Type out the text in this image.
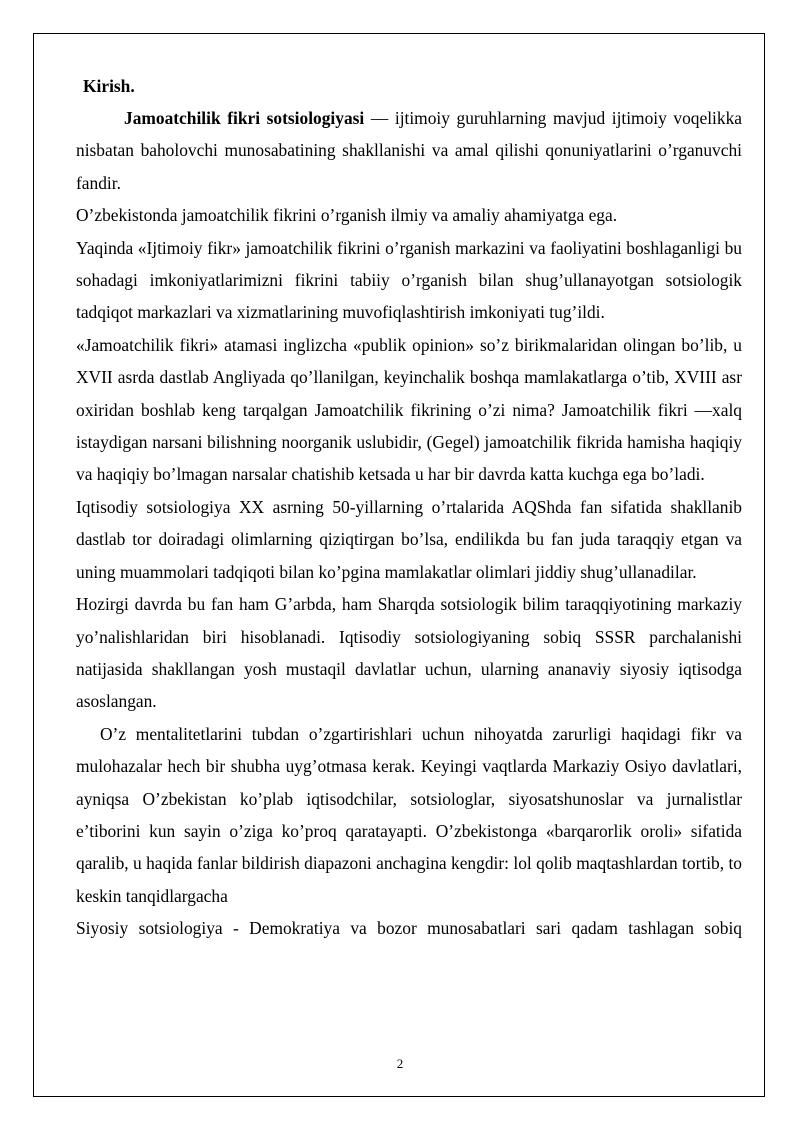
Kirish.

Jamoatchilik fikri sotsiologiyasi — ijtimoiy guruhlarning mavjud ijtimoiy voqelikka nisbatan baholovchi munosabatining shakllanishi va amal qilishi qonuniyatlarini o’rganuvchi fandir.

O’zbekistonda jamoatchilik fikrini o’rganish ilmiy va amaliy ahamiyatga ega.

Yaqinda «Ijtimoiy fikr» jamoatchilik fikrini o’rganish markazini va faoliyatini boshlaganligi bu sohadagi imkoniyatlarimizni fikrini tabiiy o’rganish bilan shug’ullanayotgan sotsiologik tadqiqot markazlari va xizmatlarining muvofiqlashtirish imkoniyati tug’ildi.

«Jamoatchilik fikri» atamasi inglizcha «publik opinion» so’z birikmalaridan olingan bo’lib, u XVII asrda dastlab Angliyada qo’llanilgan, keyinchalik boshqa mamlakatlarga o’tib, XVIII asr oxiridan boshlab keng tarqalgan Jamoatchilik fikrining o’zi nima? Jamoatchilik fikri —xalq istaydigan narsani bilishning noorganik uslubidir, (Gegel) jamoatchilik fikrida hamisha haqiqiy va haqiqiy bo’lmagan narsalar chatishib ketsada u har bir davrda katta kuchga ega bo’ladi.

Iqtisodiy sotsiologiya XX asrning 50-yillarning o’rtalarida AQShda fan sifatida shakllanib dastlab tor doiradagi olimlarning qiziqtirgan bo’lsa, endilikda bu fan juda taraqqiy etgan va uning muammolari tadqiqoti bilan ko’pgina mamlakatlar olimlari jiddiy shug’ullanadilar.

Hozirgi davrda bu fan ham G’arbda, ham Sharqda sotsiologik bilim taraqqiyotining markaziy yo’nalishlaridan biri hisoblanadi. Iqtisodiy sotsiologiyaning sobiq SSSR parchalanishi natijasida shakllangan yosh mustaqil davlatlar uchun, ularning ananaviy siyosiy iqtisodga asoslangan.

O’z mentalitetlarini tubdan o’zgartirishlari uchun nihoyatda zarurligi haqidagi fikr va mulohazalar hech bir shubha uyg’otmasa kerak. Keyingi vaqtlarda Markaziy Osiyo davlatlari, ayniqsa O’zbekistan ko’plab iqtisodchilar, sotsiologlar, siyosatshunoslar va jurnalistlar e’tiborini kun sayin o’ziga ko’proq qaratayapti. O’zbekistonga «barqarorlik oroli» sifatida qaralib, u haqida fanlar bildirish diapazoni anchagina kengdir: lol qolib maqtashlardan tortib, to keskin tanqidlargacha

Siyosiy sotsiologiya - Demokratiya va bozor munosabatlari sari qadam tashlagan sobiq

2
